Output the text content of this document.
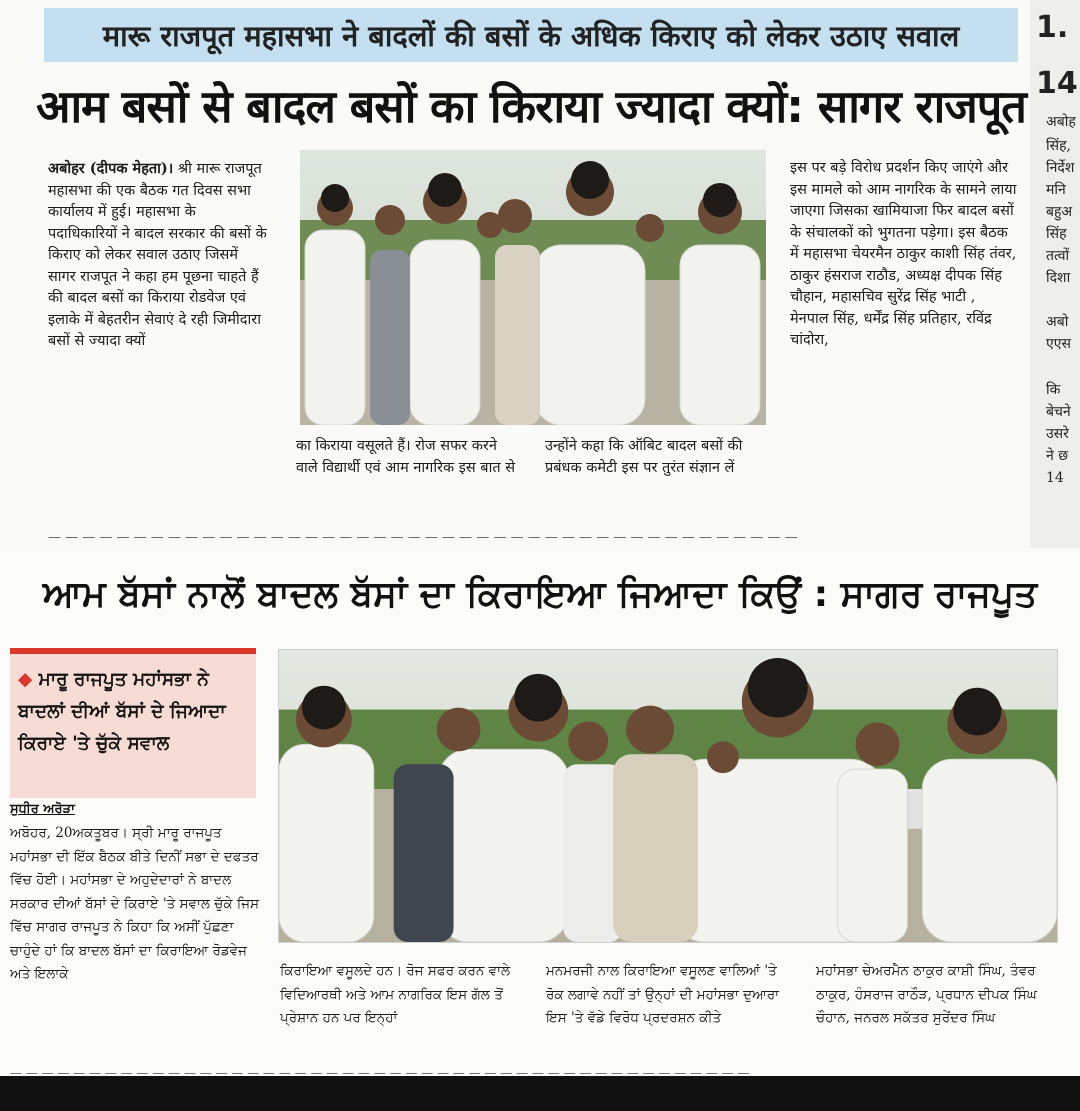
मारू राजपूत महासभा ने बादलों की बसों के अधिक किराए को लेकर उठाए सवाल
आम बसों से बादल बसों का किराया ज्यादा क्यों: सागर राजपूत

अबोहर (दीपक मेहता)। श्री मारू राजपूत महासभा की एक बैठक गत दिवस सभा कार्यालय में हुई। महासभा के पदाधिकारियों ने बादल सरकार की बसों के किराए को लेकर सवाल उठाए जिसमें सागर राजपूत ने कहा हम पूछना चाहते हैं की बादल बसों का किराया रोडवेज एवं इलाके में बेहतरीन सेवाएं दे रही जिमीदारा बसों से ज्यादा क्यों

का किराया वसूलते हैं। रोज सफर करने वाले विद्यार्थी एवं आम नागरिक इस बात से
उन्होंने कहा कि ऑबिट बादल बसों की प्रबंधक कमेटी इस पर तुरंत संज्ञान लें
इस पर बड़े विरोध प्रदर्शन किए जाएंगे और इस मामले को आम नागरिक के सामने लाया जाएगा जिसका खामियाजा फिर बादल बसों के संचालकों को भुगतना पड़ेगा। इस बैठक में महासभा चेयरमैन ठाकुर काशी सिंह तंवर, ठाकुर हंसराज राठौड, अध्यक्ष दीपक सिंह चौहान, महासचिव सुरेंद्र सिंह भाटी , मेनपाल सिंह, धर्मेंद्र सिंह प्रतिहार, रविंद्र चांदोरा,
— — — — — — — — — — — — — — — — — — — — — — — — — — — — — — — — — — — — — — — — — — — —
1.
14
अबोह
सिंह,
निर्देश
मनि
बहुअ
सिंह
तत्वों
दिशा
अबो
एएस
कि
बेचने
उसरे
ने छ
14
ਆਮ ਬੱਸਾਂ ਨਾਲੋਂ ਬਾਦਲ ਬੱਸਾਂ ਦਾ ਕਿਰਾਇਆ ਜਿਆਦਾ ਕਿਉਂ : ਸਾਗਰ ਰਾਜਪੂਤ
◆ ਮਾਰੂ ਰਾਜਪੂਤ ਮਹਾਂਸਭਾ ਨੇ ਬਾਦਲਾਂ ਦੀਆਂ ਬੱਸਾਂ ਦੇ ਜਿਆਦਾ ਕਿਰਾਏ 'ਤੇ ਚੁੱਕੇ ਸਵਾਲ
ਸੁਧੀਰ ਅਰੋੜਾ
ਅਬੋਹਰ, 20ਅਕਤੂਬਰ। ਸ੍ਰੀ ਮਾਰੂ ਰਾਜਪੂਤ ਮਹਾਂਸਭਾ ਦੀ ਇੱਕ ਬੈਠਕ ਬੀਤੇ ਦਿਨੀਂ ਸਭਾ ਦੇ ਦਫਤਰ ਵਿੱਚ ਹੋਈ। ਮਹਾਂਸਭਾ ਦੇ ਅਹੁਦੇਦਾਰਾਂ ਨੇ ਬਾਦਲ ਸਰਕਾਰ ਦੀਆਂ ਬੱਸਾਂ ਦੇ ਕਿਰਾਏ 'ਤੇ ਸਵਾਲ ਚੁੱਕੇ ਜਿਸ ਵਿੱਚ ਸਾਗਰ ਰਾਜਪੂਤ ਨੇ ਕਿਹਾ ਕਿ ਅਸੀਂ ਪੁੱਛਣਾ ਚਾਹੁੰਦੇ ਹਾਂ ਕਿ ਬਾਦਲ ਬੱਸਾਂ ਦਾ ਕਿਰਾਇਆ ਰੋਡਵੇਜ ਅਤੇ ਇਲਾਕੇ	ਕਿਰਾਇਆ ਵਸੂਲਦੇ ਹਨ। ਰੋਜ ਸਫਰ ਕਰਨ ਵਾਲੇ ਵਿਦਿਆਰਥੀ ਅਤੇ ਆਮ ਨਾਗਰਿਕ ਇਸ ਗੱਲ ਤੋਂ ਪ੍ਰੇਸ਼ਾਨ ਹਨ ਪਰ ਇਨ੍ਹਾਂ
ਮਨਮਰਜੀ ਨਾਲ ਕਿਰਾਇਆ ਵਸੂਲਣ ਵਾਲਿਆਂ 'ਤੇ ਰੋਕ ਲਗਾਵੇ ਨਹੀਂ ਤਾਂ ਉਨ੍ਹਾਂ ਦੀ ਮਹਾਂਸਭਾ ਦੁਆਰਾ ਇਸ 'ਤੇ ਵੱਡੇ ਵਿਰੋਧ ਪ੍ਰਦਰਸ਼ਨ ਕੀਤੇ
ਮਹਾਂਸਭਾ ਚੇਅਰਮੈਨ ਠਾਕੁਰ ਕਾਸ਼ੀ ਸਿੰਘ, ਤੰਵਰ ਠਾਕੁਰ, ਹੰਸਰਾਜ ਰਾਠੌੜ, ਪ੍ਰਧਾਨ ਦੀਪਕ ਸਿੰਘ ਚੌਹਾਨ, ਜਨਰਲ ਸਕੱਤਰ ਸੁਰੇਂਦਰ ਸਿੰਘ
— — — — — — — — — — — — — — — — — — — — — — — — — — — — — — — — — — — — — — — — — — — — — — —
